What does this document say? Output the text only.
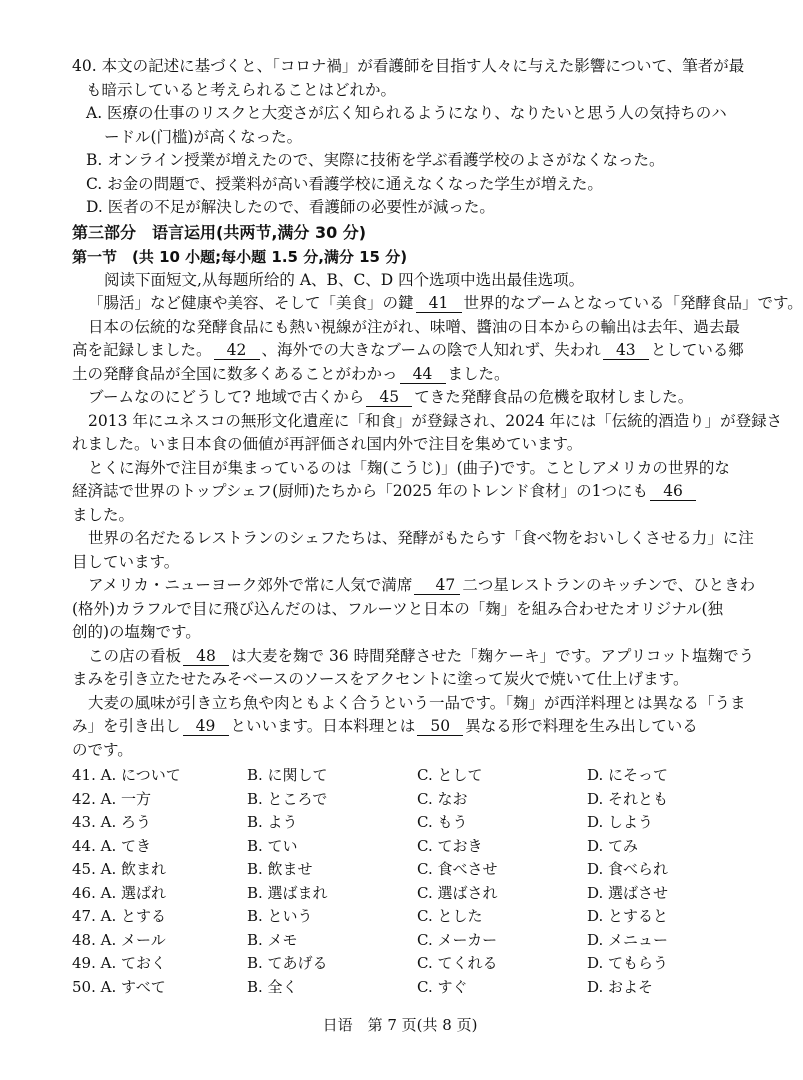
40. 本文の記述に基づくと、「コロナ禍」が看護師を目指す人々に与えた影響について、筆者が最
も暗示していると考えられることはどれか。
A. 医療の仕事のリスクと大変さが広く知られるようになり、なりたいと思う人の気持ちのハ
ードル(门槛)が高くなった。
B. オンライン授業が増えたので、実際に技術を学ぶ看護学校のよさがなくなった。
C. お金の問題で、授業料が高い看護学校に通えなくなった学生が増えた。
D. 医者の不足が解決したので、看護師の必要性が減った。
第三部分　语言运用(共两节,满分 30 分)
第一节　(共 10 小题;每小题 1.5 分,满分 15 分)
阅读下面短文,从每题所给的 A、B、C、D 四个选项中选出最佳选项。
「腸活」など健康や美容、そして「美食」の鍵 41 世界的なブームとなっている「発酵食品」です。
日本の伝統的な発酵食品にも熱い視線が注がれ、味噌、醬油の日本からの輸出は去年、過去最
高を記録しました。 42 、海外での大きなブームの陰で人知れず、失われ 43 としている郷
土の発酵食品が全国に数多くあることがわかっ 44 ました。
ブームなのにどうして? 地域で古くから 45 てきた発酵食品の危機を取材しました。
2013 年にユネスコの無形文化遺産に「和食」が登録され、2024 年には「伝統的酒造り」が登録さ
れました。いま日本食の価値が再評価され国内外で注目を集めています。
とくに海外で注目が集まっているのは「麹(こうじ)」(曲子)です。ことしアメリカの世界的な
経済誌で世界のトップシェフ(厨师)たちから「2025 年のトレンド食材」の1つにも 46
ました。
世界の名だたるレストランのシェフたちは、発酵がもたらす「食べ物をおいしくさせる力」に注
目しています。
アメリカ・ニューヨーク郊外で常に人気で満席 47 二つ星レストランのキッチンで、ひときわ(格外)カラフルで目に飛び込んだのは、フルーツと日本の「麹」を組み合わせたオリジナル(独
创的)の塩麹です。
この店の看板 48 は大麦を麹で 36 時間発酵させた「麹ケーキ」です。アプリコット塩麹でう
まみを引き立たせたみそベースのソースをアクセントに塗って炭火で焼いて仕上げます。
大麦の風味が引き立ち魚や肉ともよく合うという一品です。「麹」が西洋料理とは異なる「うま
み」を引き出し 49 といいます。日本料理とは 50 異なる形で料理を生み出している
のです。
41. A. について	B. に関して	C. として	D. にそって
42. A. 一方	B. ところで	C. なお	D. それとも
43. A. ろう	B. よう	C. もう	D. しよう
44. A. てき	B. てい	C. ておき	D. てみ
45. A. 飲まれ	B. 飲ませ	C. 食べさせ	D. 食べられ
46. A. 選ばれ	B. 選ばまれ	C. 選ばされ	D. 選ばさせ
47. A. とする	B. という	C. とした	D. とすると
48. A. メール	B. メモ	C. メーカー	D. メニュー
49. A. ておく	B. てあげる	C. てくれる	D. てもらう
50. A. すべて	B. 全く	C. すぐ	D. およそ
日语　第 7 页(共 8 页)
